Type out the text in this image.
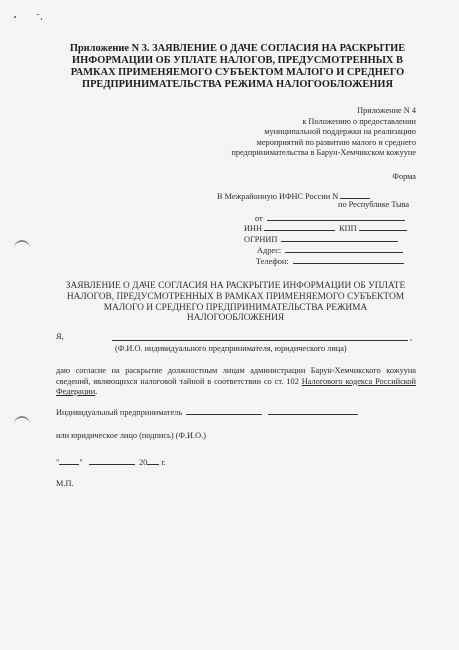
Приложение N 3. ЗАЯВЛЕНИЕ О ДАЧЕ СОГЛАСИЯ НА РАСКРЫТИЕ ИНФОРМАЦИИ ОБ УПЛАТЕ НАЛОГОВ, ПРЕДУСМОТРЕННЫХ В РАМКАХ ПРИМЕНЯЕМОГО СУБЪЕКТОМ МАЛОГО И СРЕДНЕГО ПРЕДПРИНИМАТЕЛЬСТВА РЕЖИМА НАЛОГООБЛОЖЕНИЯ

Приложение N 4
к Положению о предоставлении
муниципальной поддержки на реализацию
мероприятий по развитию малого и среднего
предпринимательства в Барун-Хемчикском кожууне
Форма
В Межрайонную ИФНС России N
по Республике Тыва
от
ИНН	КПП
ОГРНИП
Адрес:
Телефон:
ЗАЯВЛЕНИЕ О ДАЧЕ СОГЛАСИЯ НА РАСКРЫТИЕ ИНФОРМАЦИИ ОБ УПЛАТЕ НАЛОГОВ, ПРЕДУСМОТРЕННЫХ В РАМКАХ ПРИМЕНЯЕМОГО СУБЪЕКТОМ МАЛОГО И СРЕДНЕГО ПРЕДПРИНИМАТЕЛЬСТВА РЕЖИМА НАЛОГООБЛОЖЕНИЯ
Я,	,
(Ф.И.О. индивидуального предпринимателя, юридического лица)
даю согласие на раскрытие должностным лицам администрации Барун-Хемчикского кожууна сведений, являющихся налоговой тайной в соответствии со ст. 102 Налогового кодекса Российской Федерации.
Индивидуальный предприниматель
или юридическое лицо (подпись) (Ф.И.О.)
" "	20 г.
М.П.
